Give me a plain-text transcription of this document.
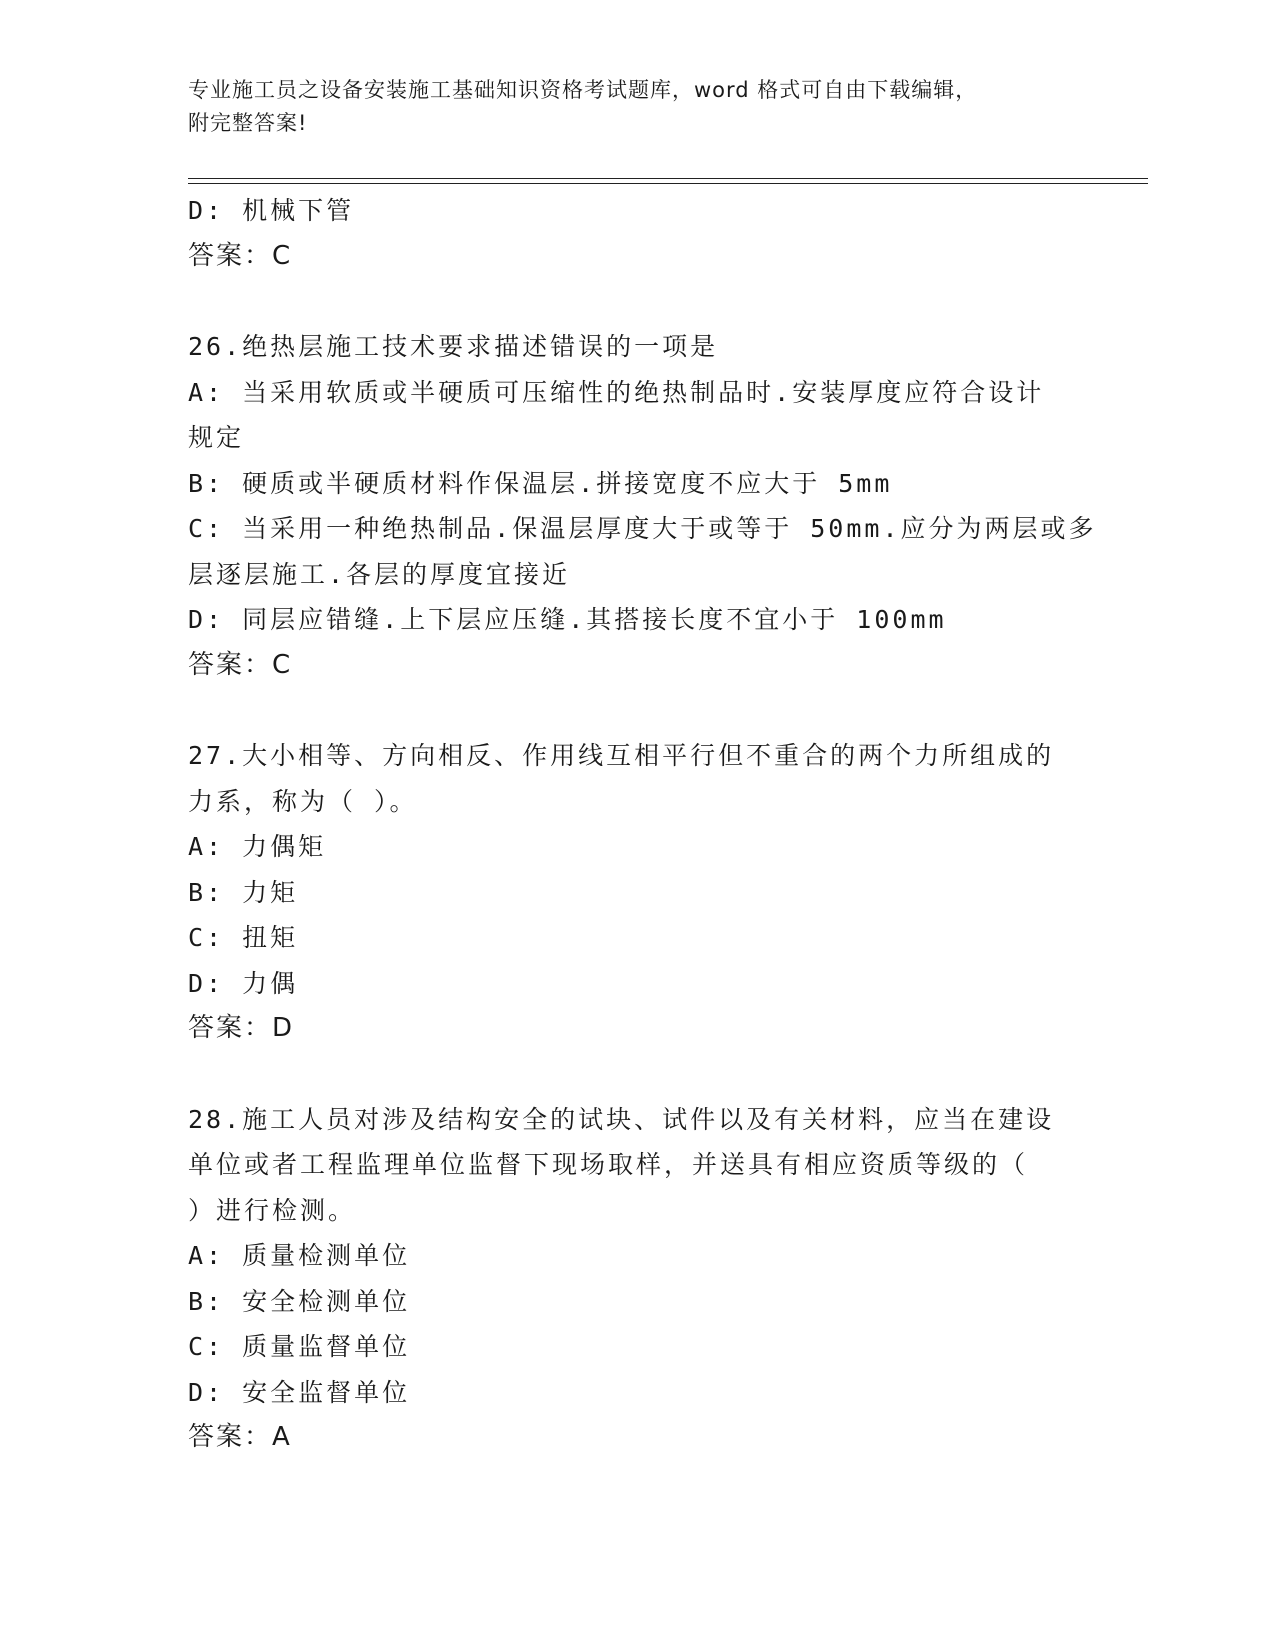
专业施工员之设备安装施工基础知识资格考试题库，word 格式可自由下载编辑，
附完整答案!
D: 机械下管
答案：C
26.绝热层施工技术要求描述错误的一项是
A: 当采用软质或半硬质可压缩性的绝热制品时.安装厚度应符合设计
规定
B: 硬质或半硬质材料作保温层.拼接宽度不应大于 5mm
C: 当采用一种绝热制品.保温层厚度大于或等于 50mm.应分为两层或多
层逐层施工.各层的厚度宜接近
D: 同层应错缝.上下层应压缝.其搭接长度不宜小于 100mm
答案：C
27.大小相等、方向相反、作用线互相平行但不重合的两个力所组成的
力系，称为（ ）。
A: 力偶矩
B: 力矩
C: 扭矩
D: 力偶
答案：D
28.施工人员对涉及结构安全的试块、试件以及有关材料，应当在建设
单位或者工程监理单位监督下现场取样，并送具有相应资质等级的（
）进行检测。
A: 质量检测单位
B: 安全检测单位
C: 质量监督单位
D: 安全监督单位
答案：A
